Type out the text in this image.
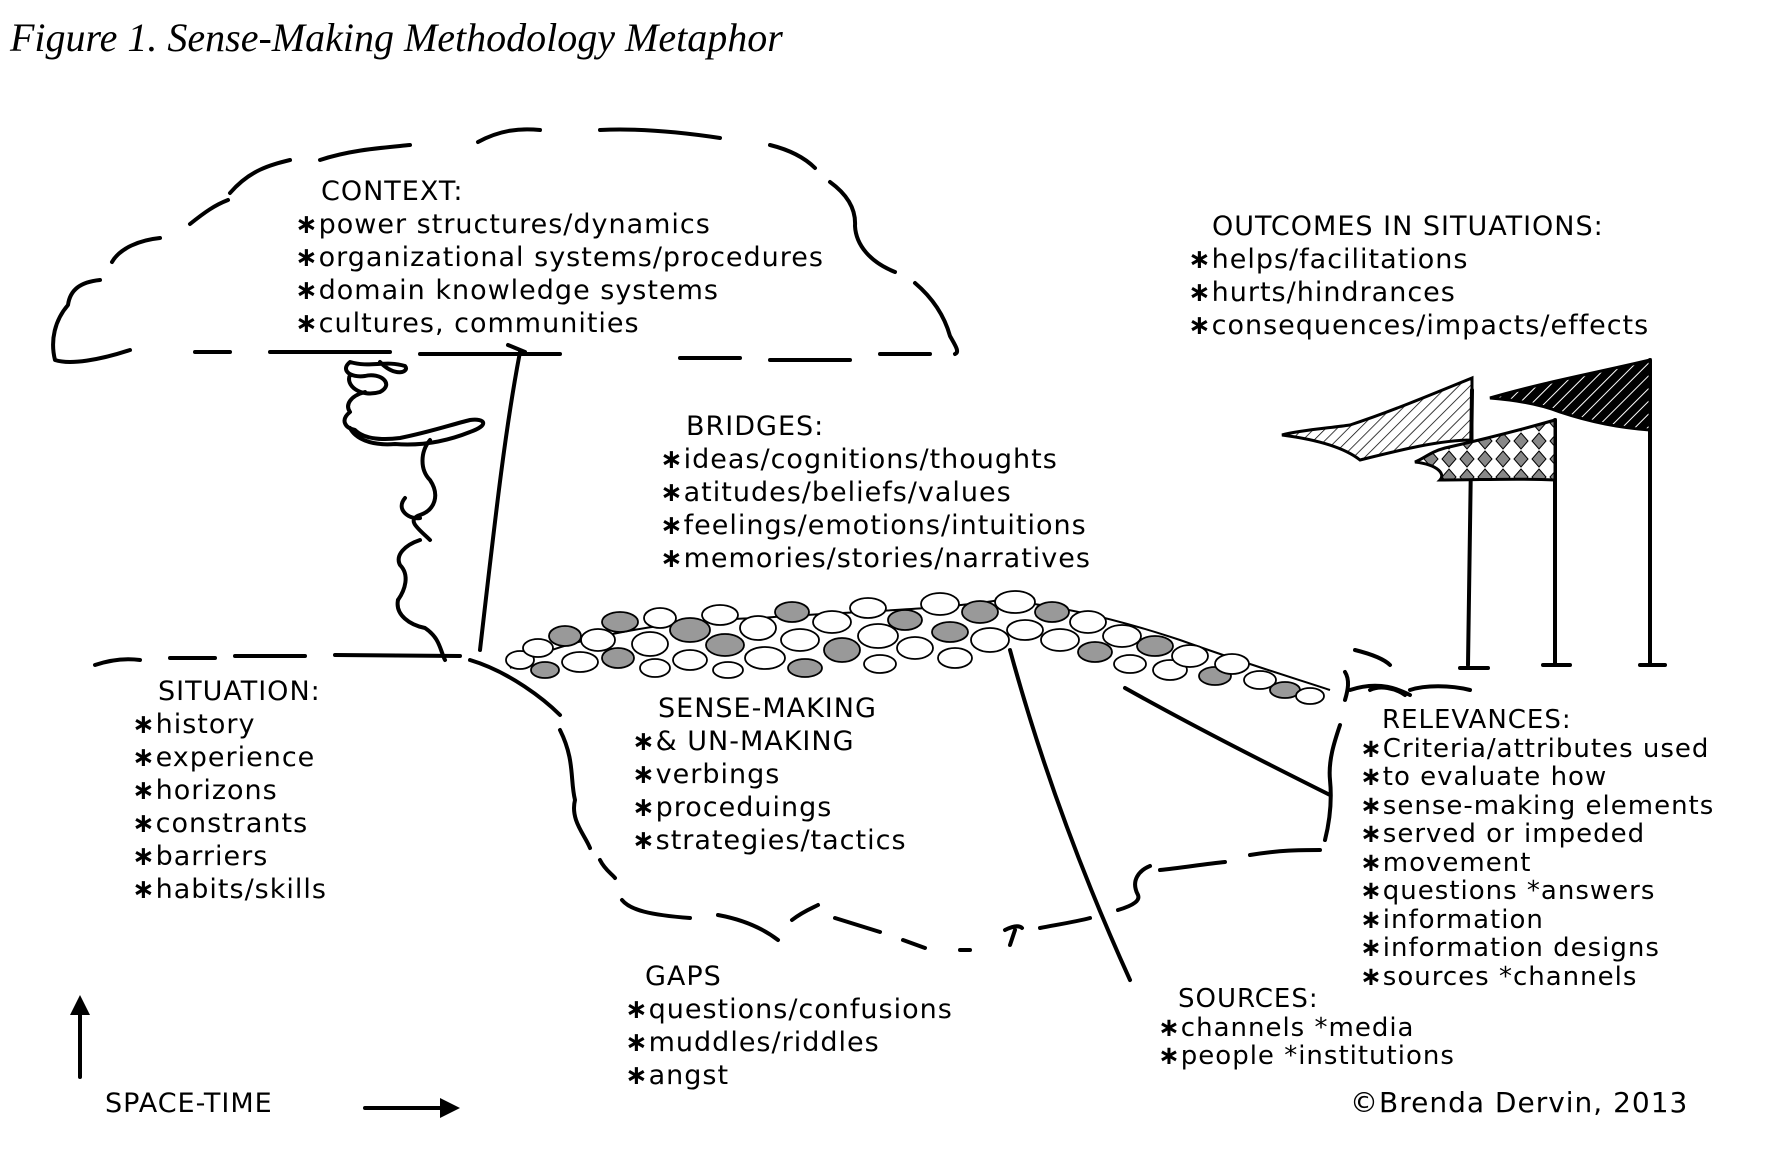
Figure 1. Sense-Making Methodology Metaphor
CONTEXT:
∗ power structures/dynamics
∗ organizational systems/procedures
∗ domain knowledge systems
∗ cultures, communities
OUTCOMES IN SITUATIONS:
∗ helps/facilitations
∗ hurts/hindrances
∗ consequences/impacts/effects
BRIDGES:
∗ ideas/cognitions/thoughts
∗ atitudes/beliefs/values
∗ feelings/emotions/intuitions
∗ memories/stories/narratives
SITUATION:
∗ history
∗ experience
∗ horizons
∗ constrants
∗ barriers
∗ habits/skills
SENSE-MAKING
∗ & UN-MAKING
∗ verbings
∗ proceduings
∗ strategies/tactics
RELEVANCES:
∗ Criteria/attributes used
∗ to evaluate how
∗ sense-making elements
∗ served or impeded
∗ movement
∗ questions *answers
∗ information
∗ information designs
∗ sources *channels
GAPS
∗ questions/confusions
∗ muddles/riddles
∗ angst
SOURCES:
∗ channels *media
∗ people *institutions
SPACE-TIME	©Brenda Dervin, 2013
